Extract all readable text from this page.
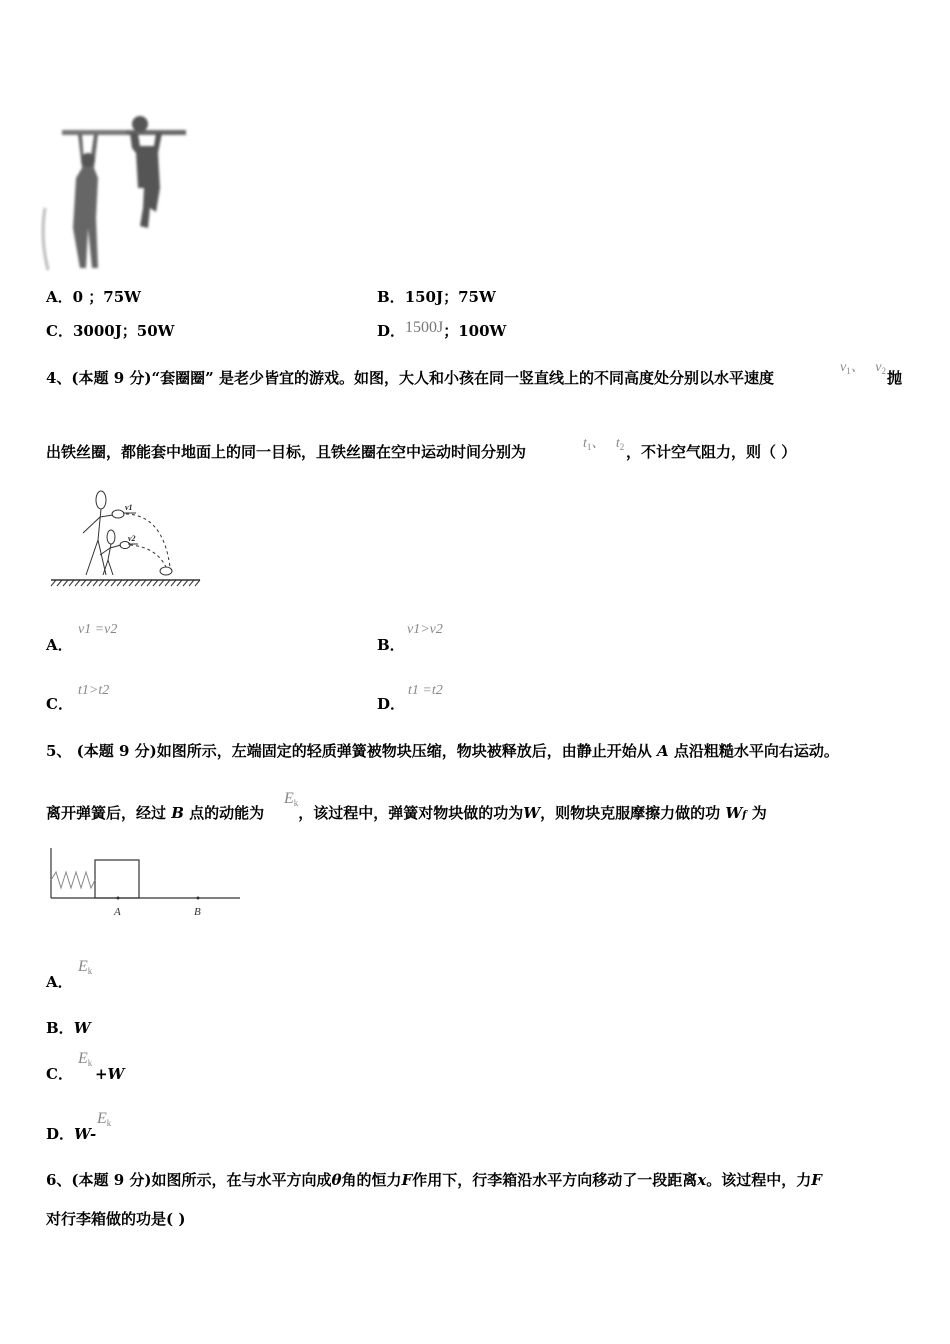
A．0 ；75W	B．150J；75W
C．3000J；50W	D．1500J；100W
4、(本题 9 分)“套圈圈” 是老少皆宜的游戏。如图，大人和小孩在同一竖直线上的不同高度处分别以水平速度
$v_1$、   $v_2$ 抛
出铁丝圈，都能套中地面上的同一目标，且铁丝圈在空中运动时间分别为	$t_1$、   $t_2$ ，不计空气阻力，则（ ）
v1
v2
A．
v1 =v2
B．
v1>v2
C．
t1>t2
D．
t1 =t2
5、 (本题 9 分)如图所示，左端固定的轻质弹簧被物块压缩，物块被释放后，由静止开始从 A 点沿粗糙水平向右运动。
离开弹簧后，经过 B 点的动能为 ，该过程中，弹簧对物块做的功为W，则物块克服摩擦力做的功 Wf 为
$E_k$
A	B
A．
$E_k$
B．W
C． +W
$E_k$
D．W-
$E_k$
6、(本题 9 分)如图所示，在与水平方向成θ角的恒力F作用下，行李箱沿水平方向移动了一段距离x。该过程中，力F
对行李箱做的功是( )
